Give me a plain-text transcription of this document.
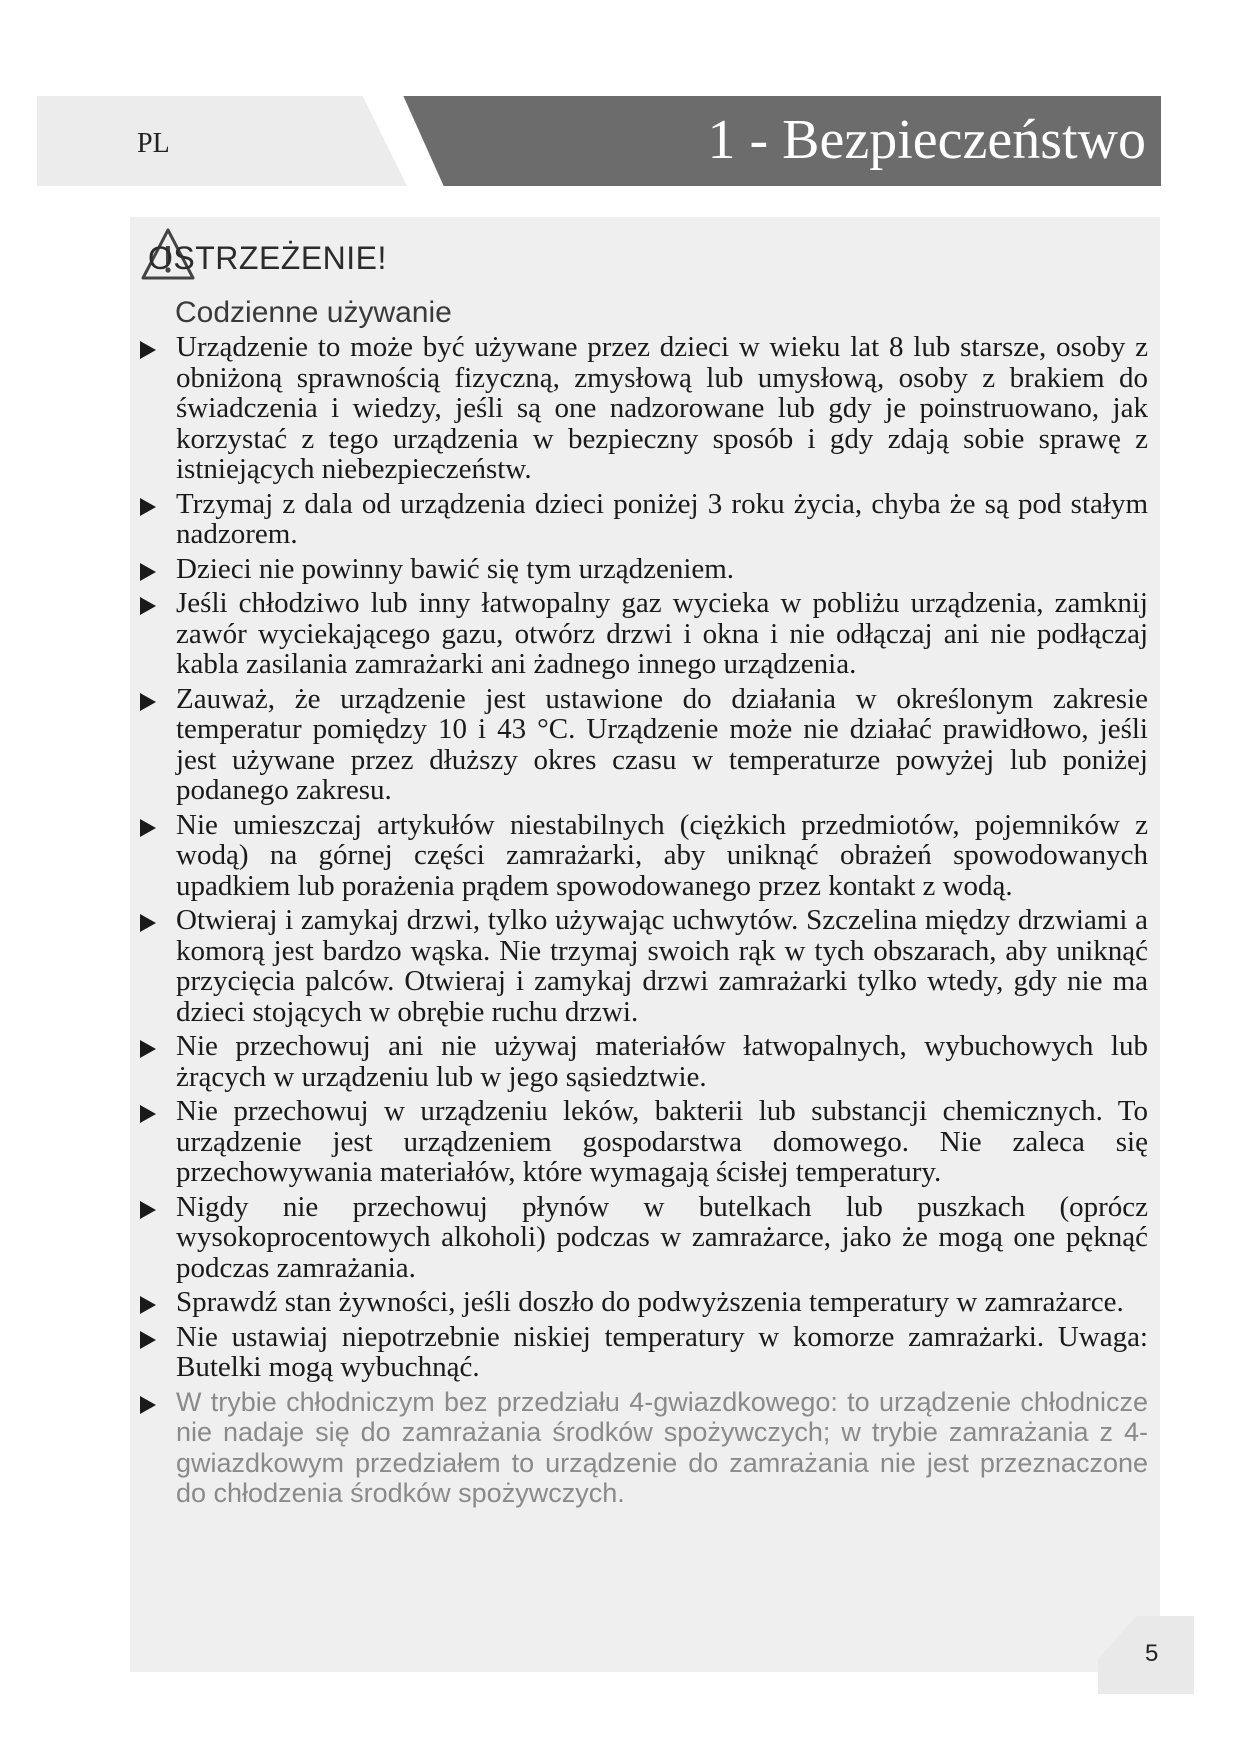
PL	1 - Bezpieczeństwo
OSTRZEŻENIE!
Codzienne używanie
Urządzenie to może być używane przez dzieci w wieku lat 8 lub starsze, osoby z obniżoną sprawnością fizyczną, zmysłową lub umysłową, osoby z brakiem do świadczenia i wiedzy, jeśli są one nadzorowane lub gdy je poinstruowano, jak korzystać z tego urządzenia w bezpieczny sposób i gdy zdają sobie sprawę z istniejących niebezpieczeństw.
Trzymaj z dala od urządzenia dzieci poniżej 3 roku życia, chyba że są pod stałym nadzorem.
Dzieci nie powinny bawić się tym urządzeniem.
Jeśli chłodziwo lub inny łatwopalny gaz wycieka w pobliżu urządzenia, zamknij zawór wyciekającego gazu, otwórz drzwi i okna i nie odłączaj ani nie podłączaj kabla zasilania zamrażarki ani żadnego innego urządzenia.
Zauważ, że urządzenie jest ustawione do działania w określonym zakresie temperatur pomiędzy 10 i 43 °C. Urządzenie może nie działać prawidłowo, jeśli jest używane przez dłuższy okres czasu w temperaturze powyżej lub poniżej podanego zakresu.
Nie umieszczaj artykułów niestabilnych (ciężkich przedmiotów, pojemników z wodą) na górnej części zamrażarki, aby uniknąć obrażeń spowodowanych upadkiem lub porażenia prądem spowodowanego przez kontakt z wodą.
Otwieraj i zamykaj drzwi, tylko używając uchwytów. Szczelina między drzwiami a komorą jest bardzo wąska. Nie trzymaj swoich rąk w tych obszarach, aby uniknąć przycięcia palców. Otwieraj i zamykaj drzwi zamrażarki tylko wtedy, gdy nie ma dzieci stojących w obrębie ruchu drzwi.
Nie przechowuj ani nie używaj materiałów łatwopalnych, wybuchowych lub żrących w urządzeniu lub w jego sąsiedztwie.
Nie przechowuj w urządzeniu leków, bakterii lub substancji chemicznych. To urządzenie jest urządzeniem gospodarstwa domowego. Nie zaleca się przechowywania materiałów, które wymagają ścisłej temperatury.
Nigdy nie przechowuj płynów w butelkach lub puszkach (oprócz wysokoprocentowych alkoholi) podczas w zamrażarce, jako że mogą one pęknąć podczas zamrażania.
Sprawdź stan żywności, jeśli doszło do podwyższenia temperatury w zamrażarce.
Nie ustawiaj niepotrzebnie niskiej temperatury w komorze zamrażarki. Uwaga: Butelki mogą wybuchnąć.
W trybie chłodniczym bez przedziału 4-gwiazdkowego: to urządzenie chłodnicze nie nadaje się do zamrażania środków spożywczych; w trybie zamrażania z 4-gwiazdkowym przedziałem to urządzenie do zamrażania nie jest przeznaczone do chłodzenia środków spożywczych.
5
